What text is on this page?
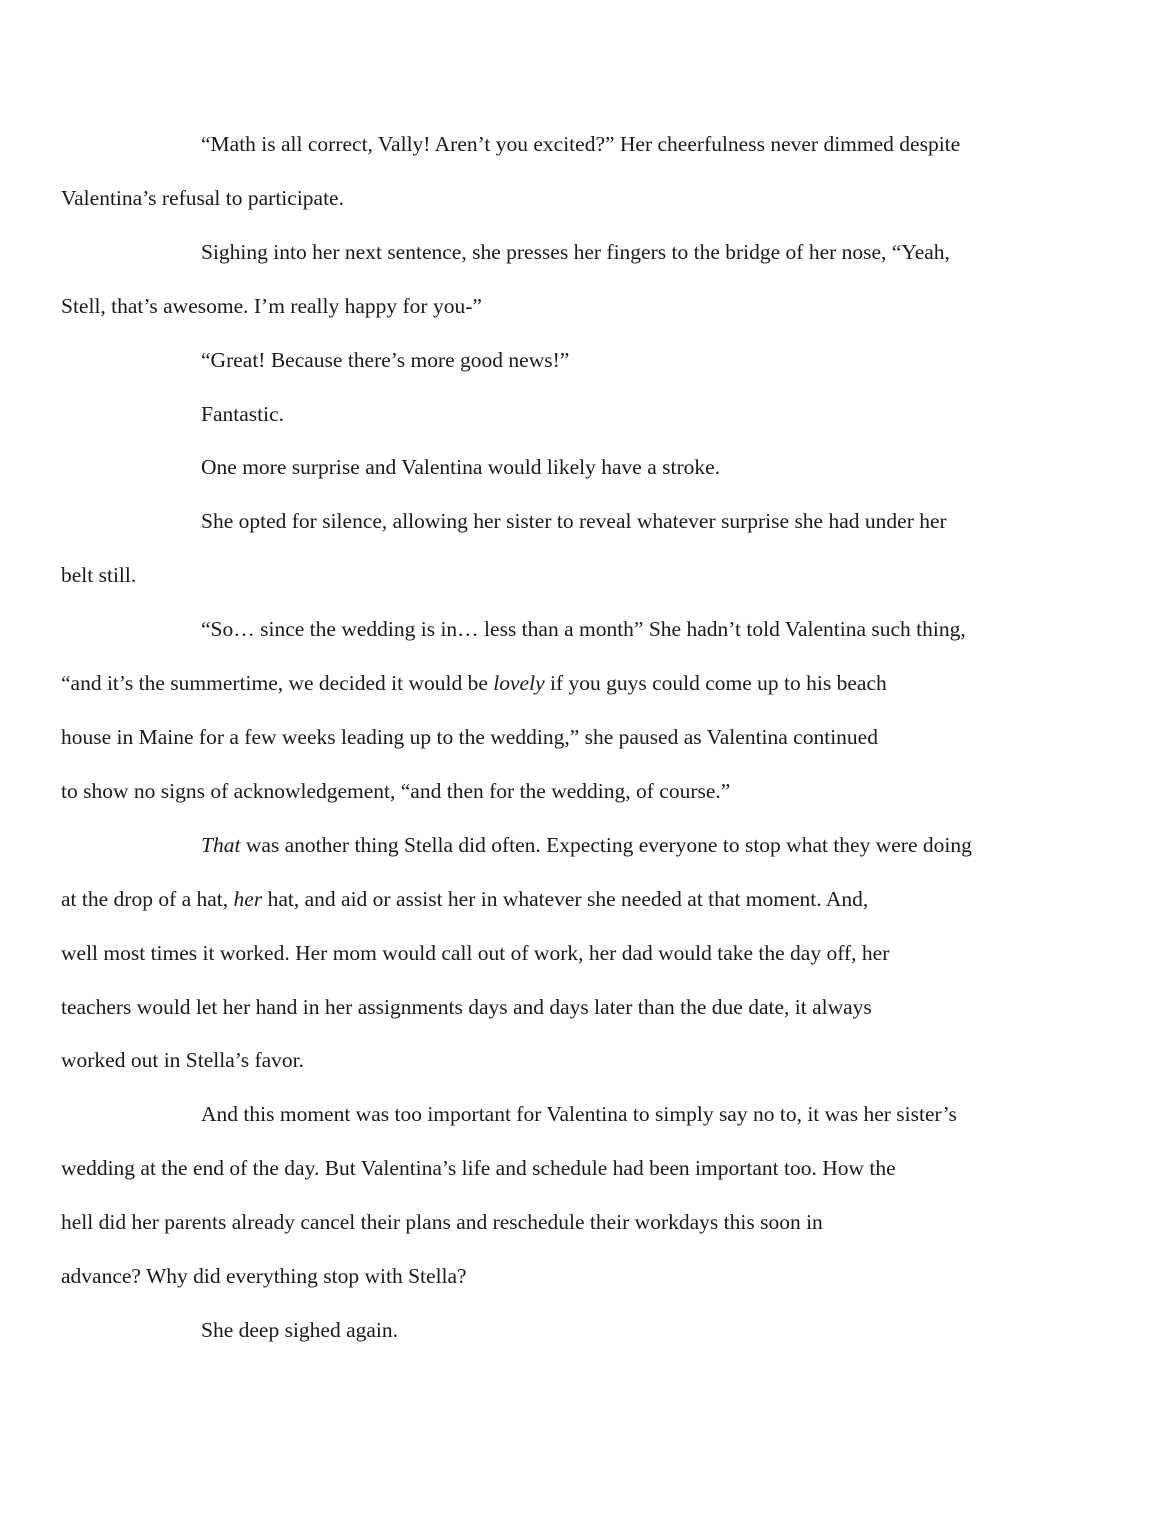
“Math is all correct, Vally! Aren’t you excited?” Her cheerfulness never dimmed despite
Valentina’s refusal to participate.
Sighing into her next sentence, she presses her fingers to the bridge of her nose, “Yeah,
Stell, that’s awesome. I’m really happy for you-”
“Great! Because there’s more good news!”
Fantastic.
One more surprise and Valentina would likely have a stroke.
She opted for silence, allowing her sister to reveal whatever surprise she had under her
belt still.
“So… since the wedding is in… less than a month” She hadn’t told Valentina such thing,
“and it’s the summertime, we decided it would be lovely if you guys could come up to his beach
house in Maine for a few weeks leading up to the wedding,” she paused as Valentina continued
to show no signs of acknowledgement, “and then for the wedding, of course.”
That was another thing Stella did often. Expecting everyone to stop what they were doing
at the drop of a hat, her hat, and aid or assist her in whatever she needed at that moment. And,
well most times it worked. Her mom would call out of work, her dad would take the day off, her
teachers would let her hand in her assignments days and days later than the due date, it always
worked out in Stella’s favor.
And this moment was too important for Valentina to simply say no to, it was her sister’s
wedding at the end of the day. But Valentina’s life and schedule had been important too. How the
hell did her parents already cancel their plans and reschedule their workdays this soon in
advance? Why did everything stop with Stella?
She deep sighed again.
